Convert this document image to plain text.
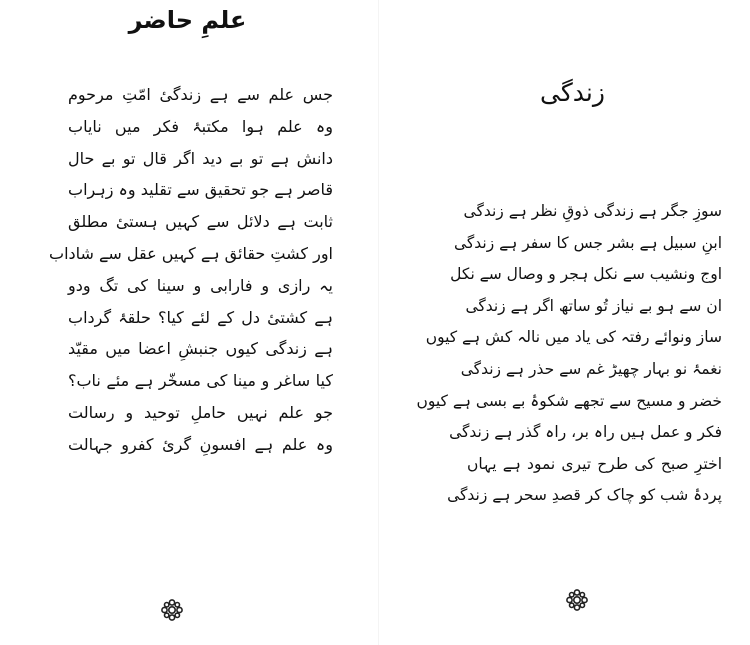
علمِ حاضر
جس علم سے ہے زندگیٔ امّتِ مرحوم
وہ علم ہوا مکتبۂ فکر میں نایاب
دانش ہے تو بے دید اگر قال تو بے حال
قاصر ہے جو تحقیق سے تقلید وہ زہراب
ثابت ہے دلائل سے کہیں ہستیٔ مطلق
اور کشتِ حقائق ہے کہیں عقل سے شاداب
یہ رازی و فارابی و سینا کی تگ ودو
ہے کشتیٔ دل کے لئے کیا؟ حلقۂ گرداب
ہے زندگی کیوں جنبشِ اعضا میں مقیّد
کیا ساغر و مینا کی مسخّر ہے مئے ناب؟
جو علم نہیں حاملِ توحید و رسالت
وہ علم ہے افسونِ گریٔ کفرو جہالت
زندگی
سوزِ جگر ہے زندگی ذوقِ نظر ہے زندگی
ابنِ سبیل ہے بشر جس کا سفر ہے زندگی
اوج ونشیب سے نکل ہجر و وصال سے نکل
ان سے ہو بے نیاز تُو ساتھ اگر ہے زندگی
ساز ونوائے رفتہ کی یاد میں نالہ کش ہے کیوں
نغمۂ نو بہار چھیڑ غم سے حذر ہے زندگی
خضر و مسیح سے تجھے شکوۂ بے بسی ہے کیوں
فکر و عمل ہیں راہ بر، راہ گذر ہے زندگی
اخترِ صبح کی طرح تیری نمود ہے یہاں
پردۂ شب کو چاک کر قصدِ سحر ہے زندگی
